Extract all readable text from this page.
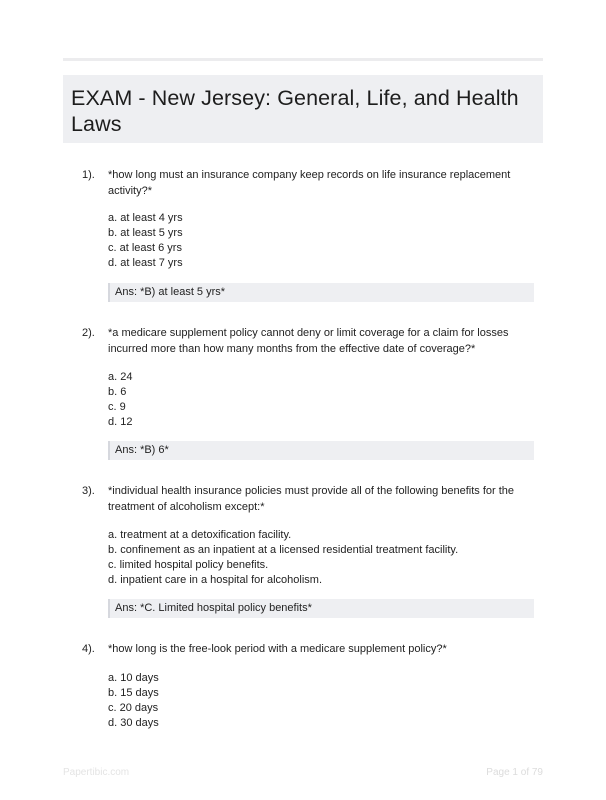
EXAM - New Jersey: General, Life, and Health Laws
1). *how long must an insurance company keep records on life insurance replacement activity?*
a. at least 4 yrs
b. at least 5 yrs
c. at least 6 yrs
d. at least 7 yrs
Ans: *B) at least 5 yrs*
2). *a medicare supplement policy cannot deny or limit coverage for a claim for losses incurred more than how many months from the effective date of coverage?*
a. 24
b. 6
c. 9
d. 12
Ans: *B) 6*
3). *individual health insurance policies must provide all of the following benefits for the treatment of alcoholism except:*
a. treatment at a detoxification facility.
b. confinement as an inpatient at a licensed residential treatment facility.
c. limited hospital policy benefits.
d. inpatient care in a hospital for alcoholism.
Ans: *C. Limited hospital policy benefits*
4). *how long is the free-look period with a medicare supplement policy?*
a. 10 days
b. 15 days
c. 20 days
d. 30 days
Papertibic.com	Page 1 of 79
